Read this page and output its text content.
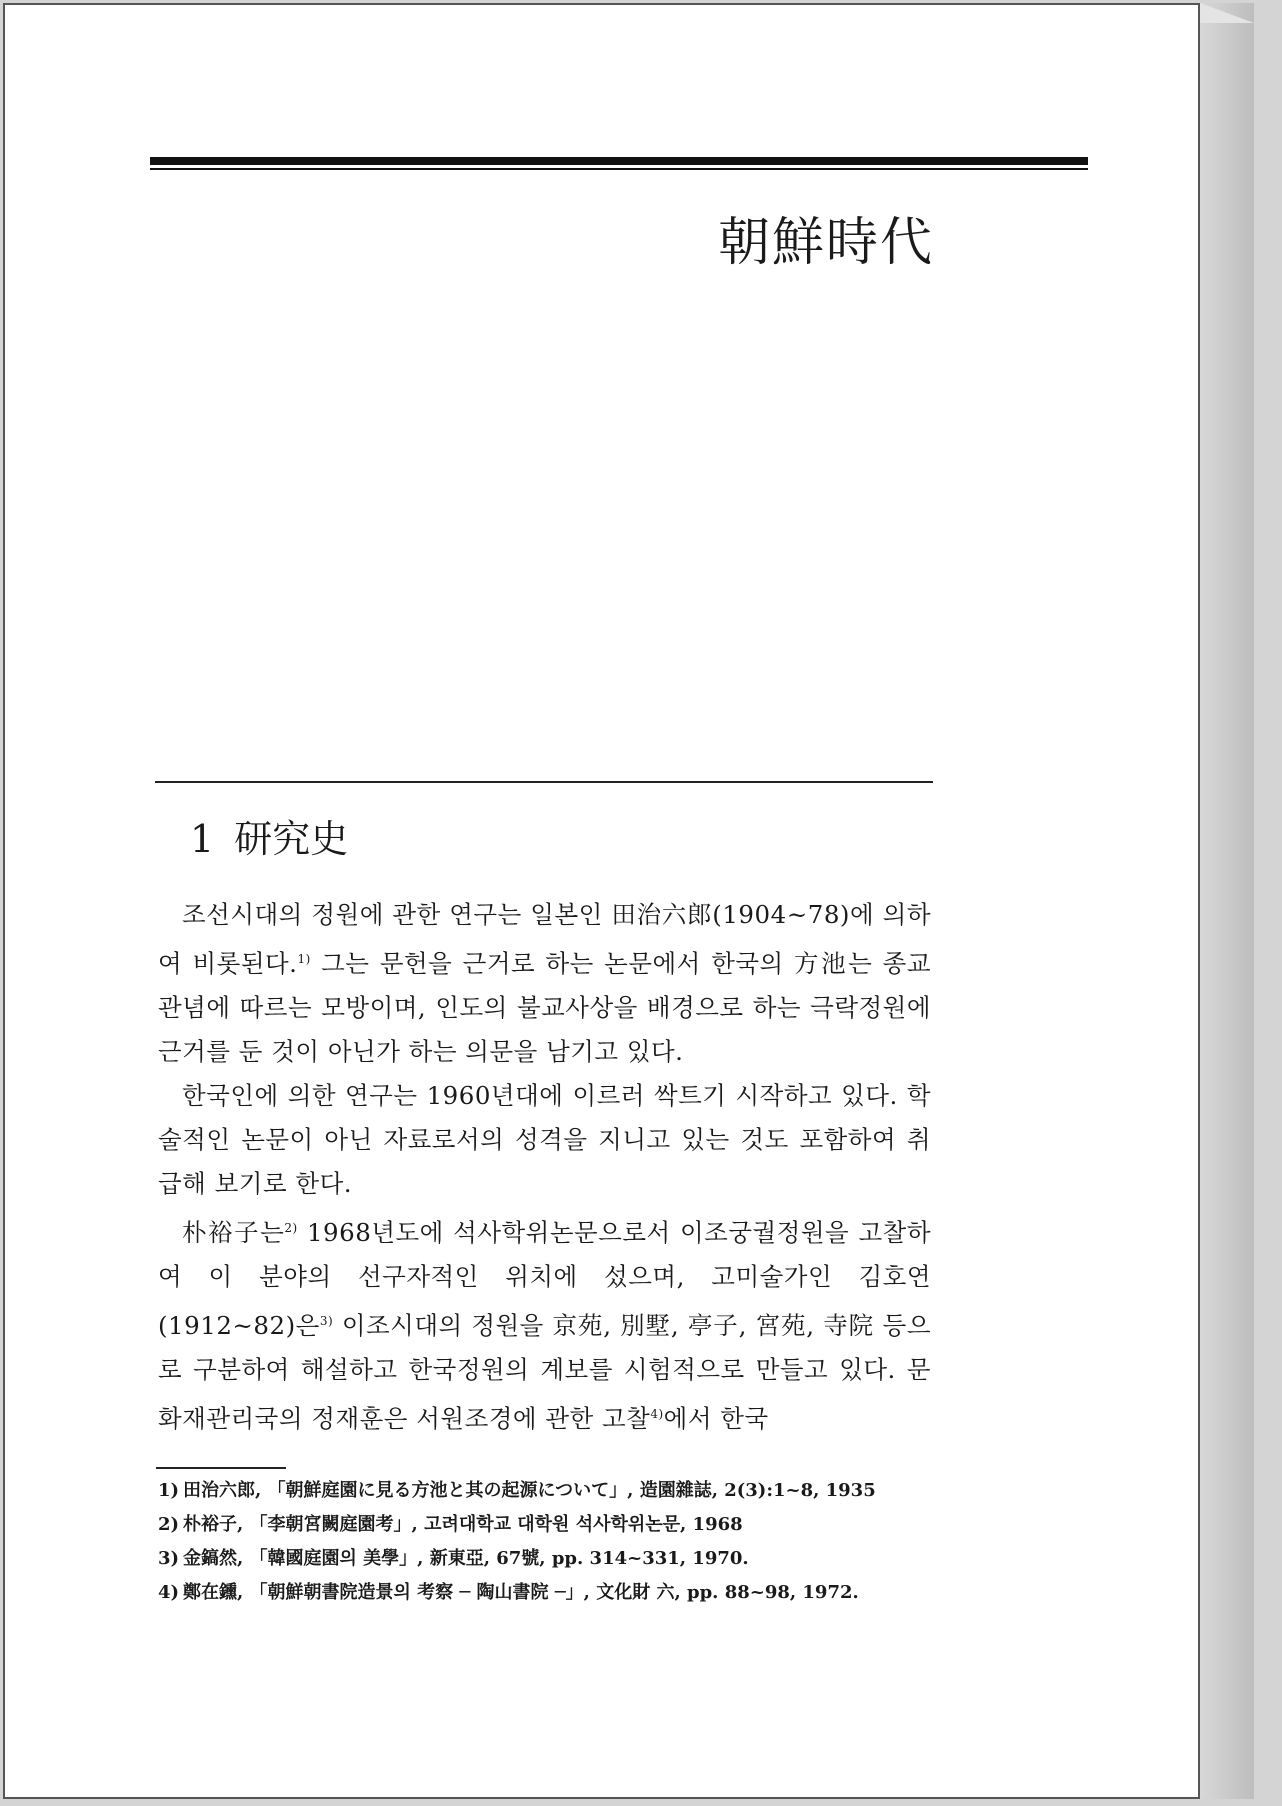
朝鮮時代
1 研究史

조선시대의 정원에 관한 연구는 일본인 田治六郎(1904~78)에 의하여 비롯된다.$^{1)}$ 그는 문헌을 근거로 하는 논문에서 한국의 方池는 종교관념에 따르는 모방이며, 인도의 불교사상을 배경으로 하는 극락정원에 근거를 둔 것이 아닌가 하는 의문을 남기고 있다.

한국인에 의한 연구는 1960년대에 이르러 싹트기 시작하고 있다. 학술적인 논문이 아닌 자료로서의 성격을 지니고 있는 것도 포함하여 취급해 보기로 한다.

朴裕子는$^{2)}$ 1968년도에 석사학위논문으로서 이조궁궐정원을 고찰하여 이 분야의 선구자적인 위치에 섰으며, 고미술가인 김호연(1912~82)은$^{3)}$ 이조시대의 정원을 京苑, 別墅, 亭子, 宮苑, 寺院 등으로 구분하여 해설하고 한국정원의 계보를 시험적으로 만들고 있다. 문화재관리국의 정재훈은 서원조경에 관한 고찰$^{4)}$에서 한국

1) 田治六郎, 「朝鮮庭園に見る方池と其の起源について」, 造園雜誌, 2(3):1~8, 1935

2) 朴裕子, 「李朝宮闕庭園考」, 고려대학교 대학원 석사학위논문, 1968

3) 金鎬然, 「韓國庭園의 美學」, 新東亞, 67號, pp. 314~331, 1970.

4) 鄭在鑂, 「朝鮮朝書院造景의 考察 ─ 陶山書院 ─」, 文化財 六, pp. 88~98, 1972.
